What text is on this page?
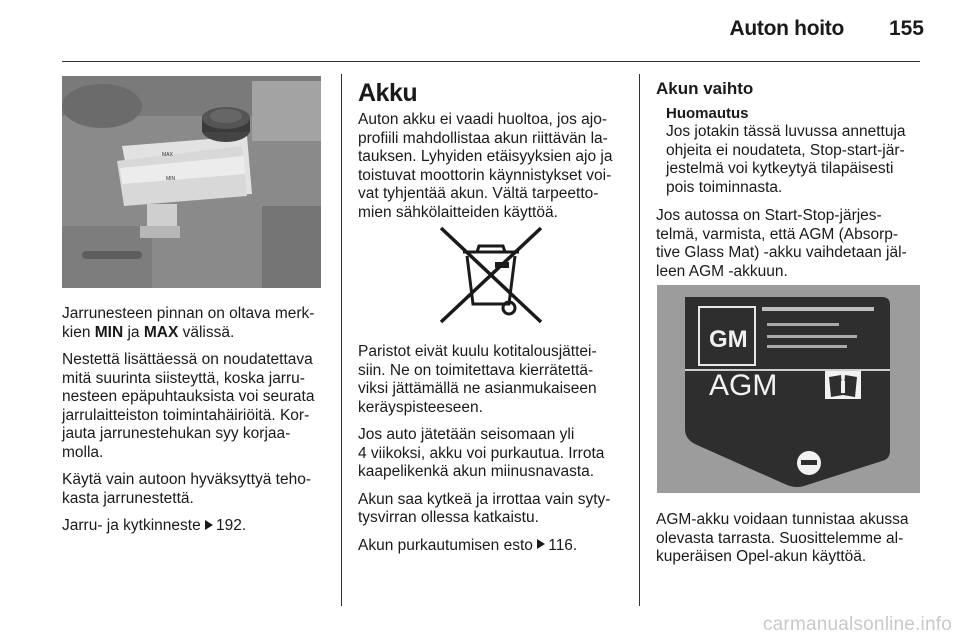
Auton hoito	155
MAX
MIN

Jarrunesteen pinnan on oltava merk-
kien MIN ja MAX välissä.

Nestettä lisättäessä on noudatettava
mitä suurinta siisteyttä, koska jarru-
nesteen epäpuhtauksista voi seurata
jarrulaitteiston toimintahäiriöitä. Kor-
jauta jarrunestehukan syy korjaa-
molla.

Käytä vain autoon hyväksyttyä teho-
kasta jarrunestettä.

Jarru- ja kytkinneste 192.

Akku

Auton akku ei vaadi huoltoa, jos ajo-
profiili mahdollistaa akun riittävän la-
tauksen. Lyhyiden etäisyyksien ajo ja
toistuvat moottorin käynnistykset voi-
vat tyhjentää akun. Vältä tarpeetto-
mien sähkölaitteiden käyttöä.

Paristot eivät kuulu kotitalousjättei-
siin. Ne on toimitettava kierrätettä-
viksi jättämällä ne asianmukaiseen
keräyspisteeseen.

Jos auto jätetään seisomaan yli
4 viikoksi, akku voi purkautua. Irrota
kaapelikenkä akun miinusnavasta.

Akun saa kytkeä ja irrottaa vain syty-
tysvirran ollessa katkaistu.

Akun purkautumisen esto 116.

Akun vaihto
Huomautus

Jos jotakin tässä luvussa annettuja
ohjeita ei noudateta, Stop-start-jär-
jestelmä voi kytkeytyä tilapäisesti
pois toiminnasta.

Jos autossa on Start-Stop-järjes-
telmä, varmista, että AGM (Absorp-
tive Glass Mat) -akku vaihdetaan jäl-
leen AGM -akkuun.

GM
AGM

AGM-akku voidaan tunnistaa akussa
olevasta tarrasta. Suosittelemme al-
kuperäisen Opel-akun käyttöä.

carmanualsonline.info
